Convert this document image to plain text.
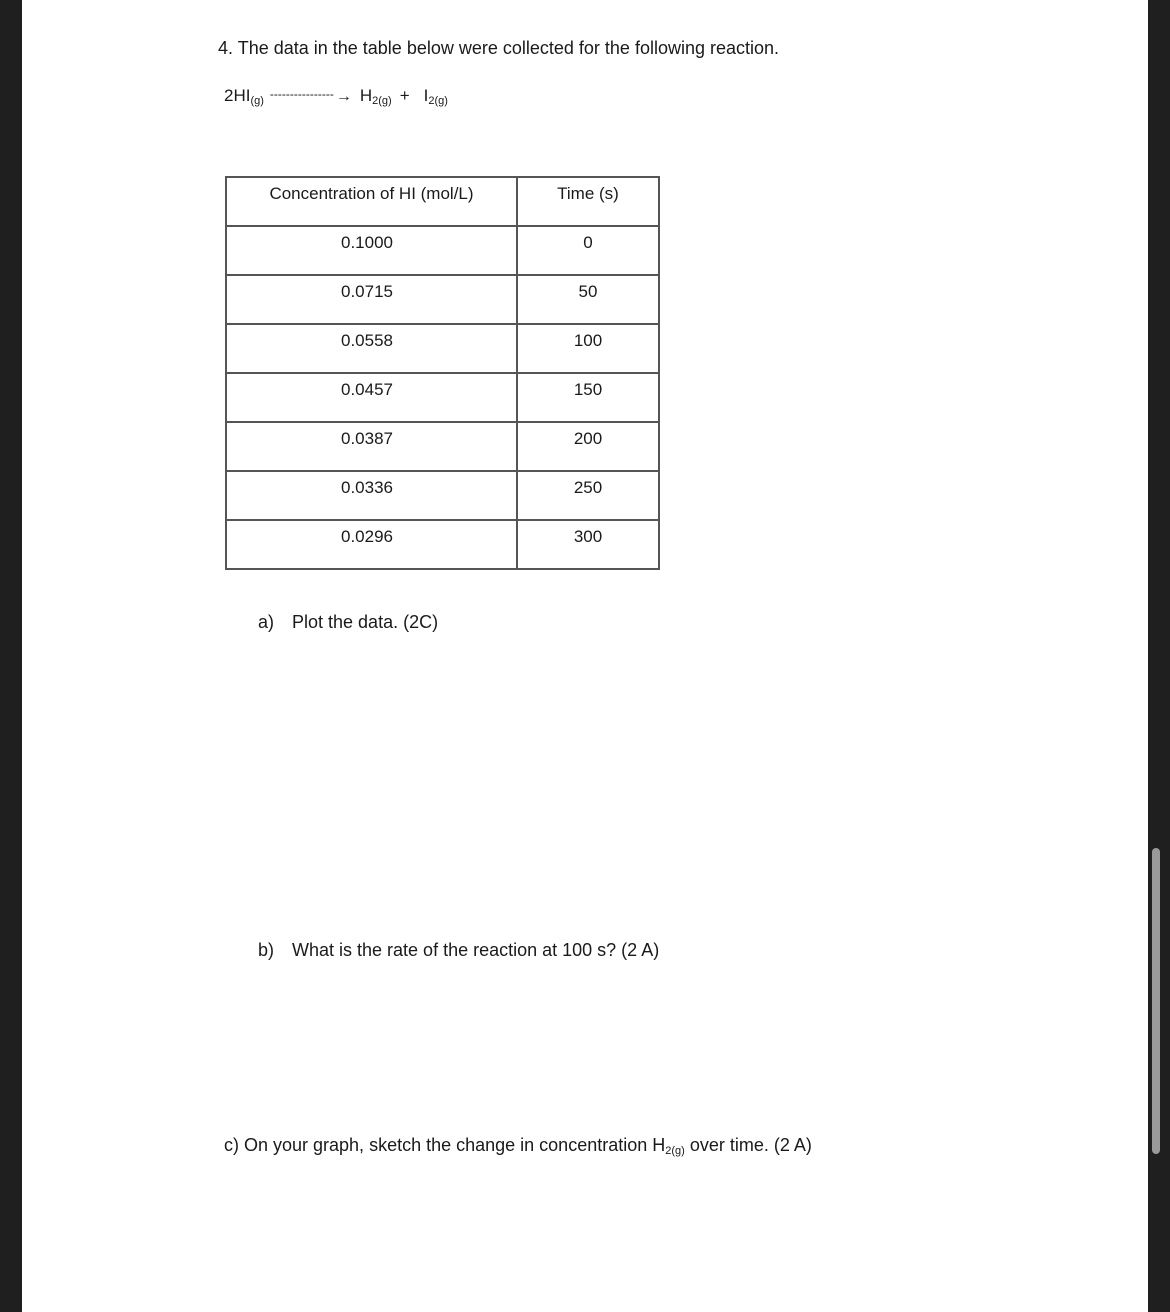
4. The data in the table below were collected for the following reaction.
2HI (g) ---------------- → H 2(g) + I 2(g)
Concentration of HI (mol/L)	Time (s)
0.1000	0
0.0715	50
0.0558	100
0.0457	150
0.0387	200
0.0336	250
0.0296	300
a) Plot the data. (2C)
b) What is the rate of the reaction at 100 s? (2 A)
c) On your graph, sketch the change in concentration H2(g) over time. (2 A)
